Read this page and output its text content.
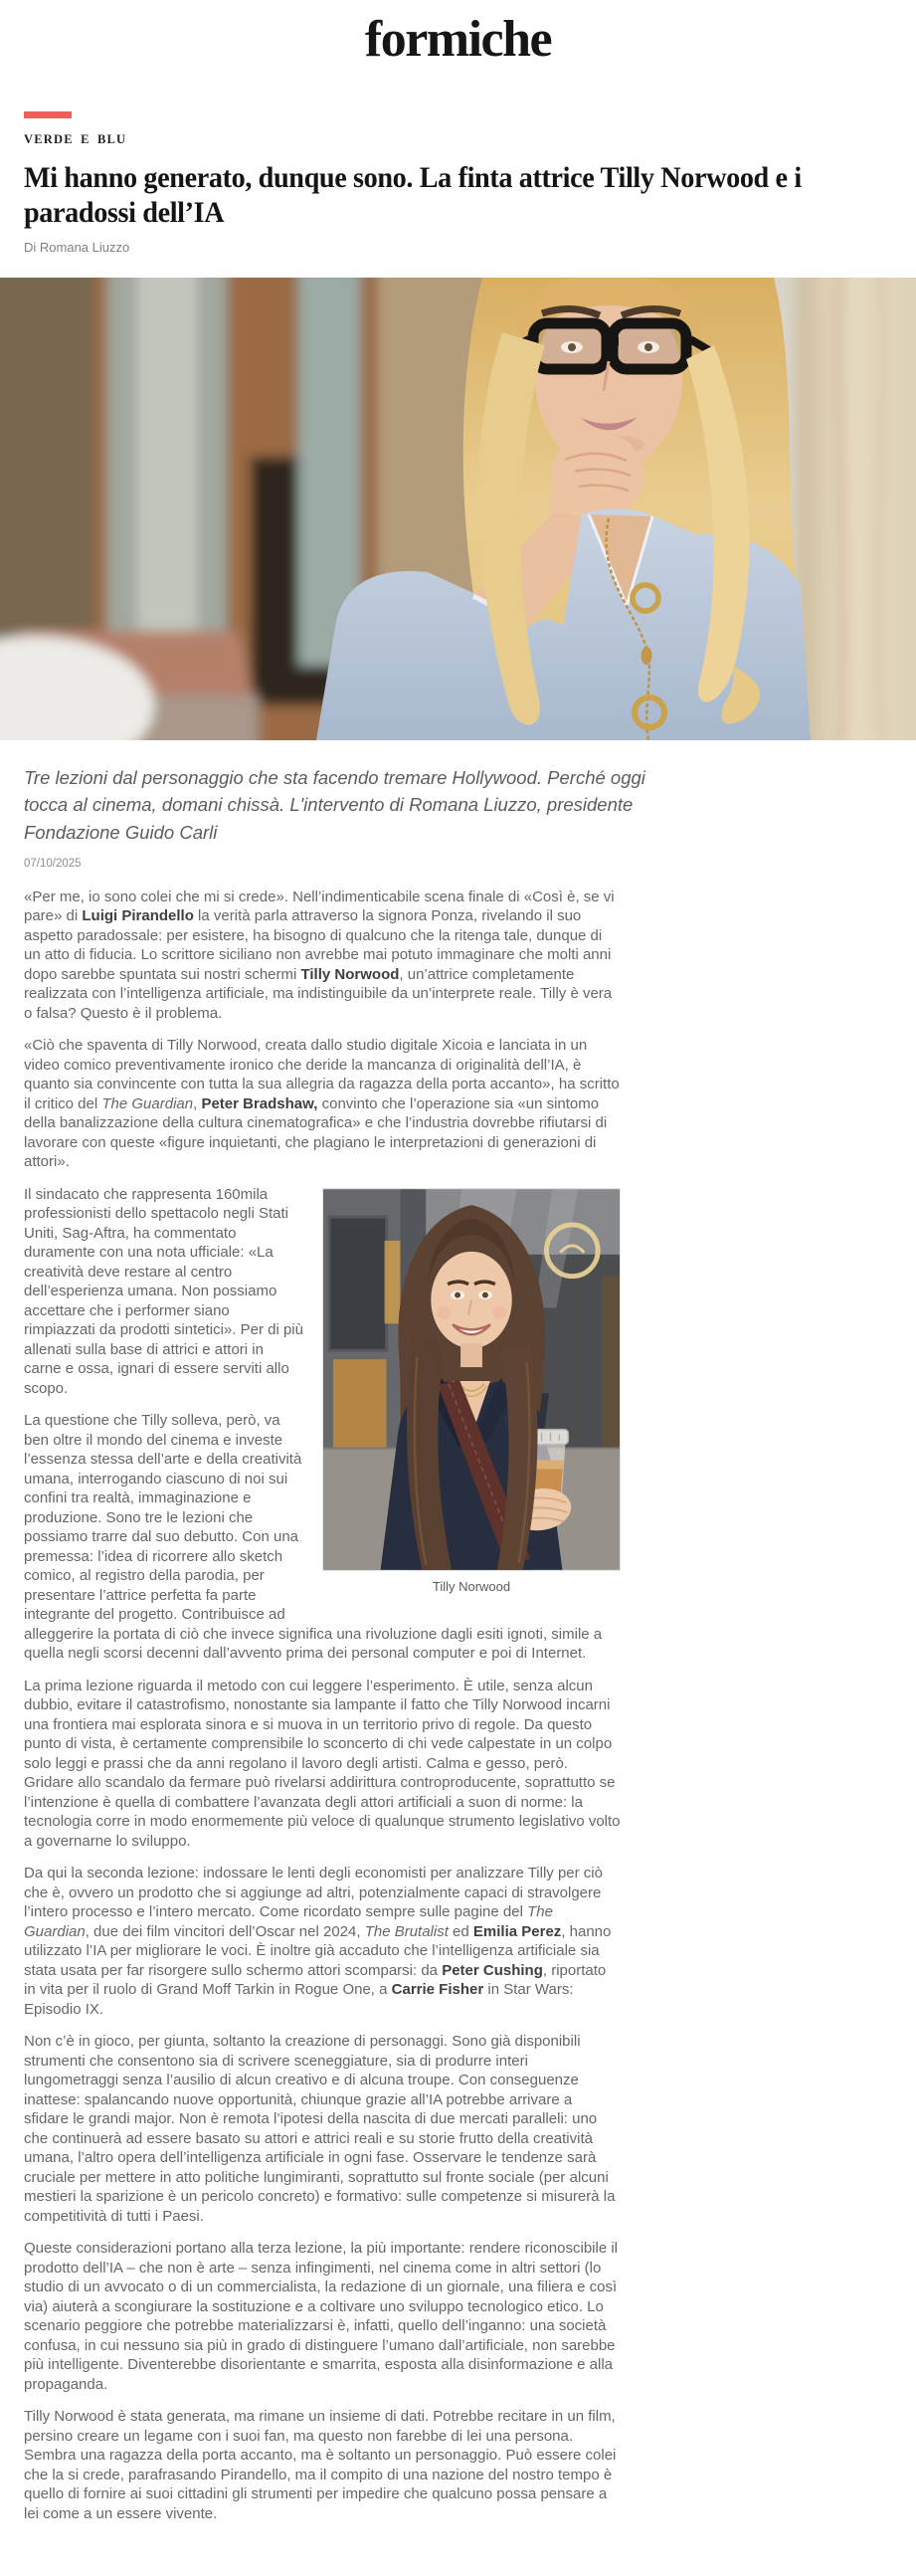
formiche
VERDE E BLU
Mi hanno generato, dunque sono. La finta attrice Tilly Norwood e i paradossi dell’IA
Di Romana Liuzzo
Tre lezioni dal personaggio che sta facendo tremare Hollywood. Perché oggi tocca al cinema, domani chissà. L'intervento di Romana Liuzzo, presidente Fondazione Guido Carli
07/10/2025

«Per me, io sono colei che mi si crede». Nell’indimenticabile scena finale di «Così è, se vi pare» di Luigi Pirandello la verità parla attraverso la signora Ponza, rivelando il suo aspetto paradossale: per esistere, ha bisogno di qualcuno che la ritenga tale, dunque di un atto di fiducia. Lo scrittore siciliano non avrebbe mai potuto immaginare che molti anni dopo sarebbe spuntata sui nostri schermi Tilly Norwood, un’attrice completamente realizzata con l’intelligenza artificiale, ma indistinguibile da un’interprete reale. Tilly è vera o falsa? Questo è il problema.

«Ciò che spaventa di Tilly Norwood, creata dallo studio digitale Xicoia e lanciata in un video comico preventivamente ironico che deride la mancanza di originalità dell’IA, è quanto sia convincente con tutta la sua allegria da ragazza della porta accanto», ha scritto il critico del The Guardian, Peter Bradshaw, convinto che l’operazione sia «un sintomo della banalizzazione della cultura cinematografica» e che l’industria dovrebbe rifiutarsi di lavorare con queste «figure inquietanti, che plagiano le interpretazioni di generazioni di attori».

Tilly Norwood

Il sindacato che rappresenta 160mila professionisti dello spettacolo negli Stati Uniti, Sag-Aftra, ha commentato duramente con una nota ufficiale: «La creatività deve restare al centro dell’esperienza umana. Non possiamo accettare che i performer siano rimpiazzati da prodotti sintetici». Per di più allenati sulla base di attrici e attori in carne e ossa, ignari di essere serviti allo scopo.

La questione che Tilly solleva, però, va ben oltre il mondo del cinema e investe l’essenza stessa dell’arte e della creatività umana, interrogando ciascuno di noi sui confini tra realtà, immaginazione e produzione. Sono tre le lezioni che possiamo trarre dal suo debutto. Con una premessa: l’idea di ricorrere allo sketch comico, al registro della parodia, per presentare l’attrice perfetta fa parte integrante del progetto. Contribuisce ad alleggerire la portata di ciò che invece significa una rivoluzione dagli esiti ignoti, simile a quella negli scorsi decenni dall’avvento prima dei personal computer e poi di Internet.

La prima lezione riguarda il metodo con cui leggere l’esperimento. È utile, senza alcun dubbio, evitare il catastrofismo, nonostante sia lampante il fatto che Tilly Norwood incarni una frontiera mai esplorata sinora e si muova in un territorio privo di regole. Da questo punto di vista, è certamente comprensibile lo sconcerto di chi vede calpestate in un colpo solo leggi e prassi che da anni regolano il lavoro degli artisti. Calma e gesso, però. Gridare allo scandalo da fermare può rivelarsi addirittura controproducente, soprattutto se l’intenzione è quella di combattere l’avanzata degli attori artificiali a suon di norme: la tecnologia corre in modo enormemente più veloce di qualunque strumento legislativo volto a governarne lo sviluppo.

Da qui la seconda lezione: indossare le lenti degli economisti per analizzare Tilly per ciò che è, ovvero un prodotto che si aggiunge ad altri, potenzialmente capaci di stravolgere l’intero processo e l’intero mercato. Come ricordato sempre sulle pagine del The Guardian, due dei film vincitori dell’Oscar nel 2024, The Brutalist ed Emilia Perez, hanno utilizzato l’IA per migliorare le voci. È inoltre già accaduto che l’intelligenza artificiale sia stata usata per far risorgere sullo schermo attori scomparsi: da Peter Cushing, riportato in vita per il ruolo di Grand Moff Tarkin in Rogue One, a Carrie Fisher in Star Wars: Episodio IX.

Non c’è in gioco, per giunta, soltanto la creazione di personaggi. Sono già disponibili strumenti che consentono sia di scrivere sceneggiature, sia di produrre interi lungometraggi senza l’ausilio di alcun creativo e di alcuna troupe. Con conseguenze inattese: spalancando nuove opportunità, chiunque grazie all’IA potrebbe arrivare a sfidare le grandi major. Non è remota l’ipotesi della nascita di due mercati paralleli: uno che continuerà ad essere basato su attori e attrici reali e su storie frutto della creatività umana, l’altro opera dell’intelligenza artificiale in ogni fase. Osservare le tendenze sarà cruciale per mettere in atto politiche lungimiranti, soprattutto sul fronte sociale (per alcuni mestieri la sparizione è un pericolo concreto) e formativo: sulle competenze si misurerà la competitività di tutti i Paesi.

Queste considerazioni portano alla terza lezione, la più importante: rendere riconoscibile il prodotto dell’IA – che non è arte – senza infingimenti, nel cinema come in altri settori (lo studio di un avvocato o di un commercialista, la redazione di un giornale, una filiera e così via) aiuterà a scongiurare la sostituzione e a coltivare uno sviluppo tecnologico etico. Lo scenario peggiore che potrebbe materializzarsi è, infatti, quello dell’inganno: una società confusa, in cui nessuno sia più in grado di distinguere l’umano dall’artificiale, non sarebbe più intelligente. Diventerebbe disorientante e smarrita, esposta alla disinformazione e alla propaganda.

Tilly Norwood è stata generata, ma rimane un insieme di dati. Potrebbe recitare in un film, persino creare un legame con i suoi fan, ma questo non farebbe di lei una persona. Sembra una ragazza della porta accanto, ma è soltanto un personaggio. Può essere colei che la si crede, parafrasando Pirandello, ma il compito di una nazione del nostro tempo è quello di fornire ai suoi cittadini gli strumenti per impedire che qualcuno possa pensare a lei come a un essere vivente.
